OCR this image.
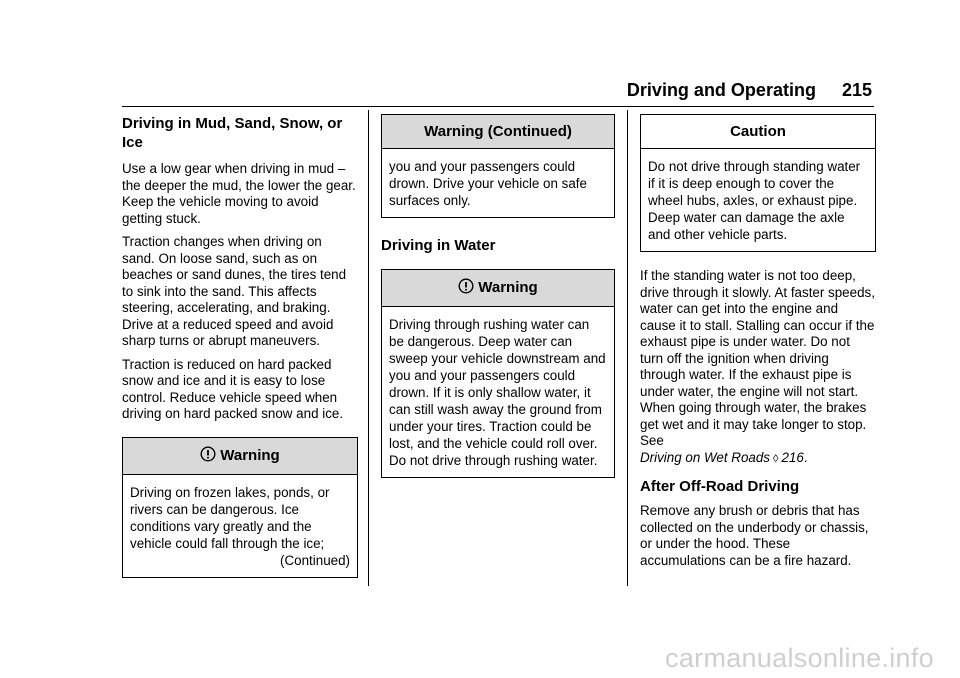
Driving and Operating 215
Driving in Mud, Sand, Snow, or Ice

Use a low gear when driving in mud – the deeper the mud, the lower the gear. Keep the vehicle moving to avoid getting stuck.

Traction changes when driving on sand. On loose sand, such as on beaches or sand dunes, the tires tend to sink into the sand. This affects steering, accelerating, and braking. Drive at a reduced speed and avoid sharp turns or abrupt maneuvers.

Traction is reduced on hard packed snow and ice and it is easy to lose control. Reduce vehicle speed when driving on hard packed snow and ice.

Warning
Driving on frozen lakes, ponds, or rivers can be dangerous. Ice conditions vary greatly and the vehicle could fall through the ice;
(Continued)
Warning (Continued)
you and your passengers could drown. Drive your vehicle on safe surfaces only.
Driving in Water
Warning
Driving through rushing water can be dangerous. Deep water can sweep your vehicle downstream and you and your passengers could drown. If it is only shallow water, it can still wash away the ground from under your tires. Traction could be lost, and the vehicle could roll over. Do not drive through rushing water.
Caution
Do not drive through standing water if it is deep enough to cover the wheel hubs, axles, or exhaust pipe. Deep water can damage the axle and other vehicle parts.

If the standing water is not too deep, drive through it slowly. At faster speeds, water can get into the engine and cause it to stall. Stalling can occur if the exhaust pipe is under water. Do not turn off the ignition when driving through water. If the exhaust pipe is under water, the engine will not start. When going through water, the brakes get wet and it may take longer to stop. See
Driving on Wet Roads ◊ 216.

After Off-Road Driving

Remove any brush or debris that has collected on the underbody or chassis, or under the hood. These accumulations can be a fire hazard.

carmanualsonline.info
